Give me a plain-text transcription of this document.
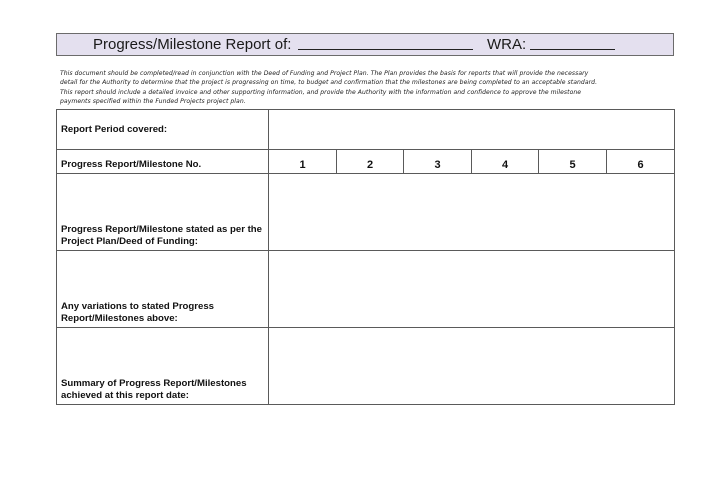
Progress/Milestone Report of:	WRA:

This document should be completed/read in conjunction with the Deed of Funding and Project Plan. The Plan provides the basis for reports that will provide the necessary

detail for the Authority to determine that the project is progressing on time, to budget and confirmation that the milestones are being completed to an acceptable standard.

This report should include a detailed invoice and other supporting information, and provide the Authority with the information and confidence to approve the milestone

payments specified within the Funded Projects project plan.

Report Period covered:						
Progress Report/Milestone No.	1	2	3	4	5	6
Progress Report/Milestone stated as per the Project Plan/Deed of Funding:						
Any variations to stated Progress Report/Milestones above:						
Summary of Progress Report/Milestones achieved at this report date:						
